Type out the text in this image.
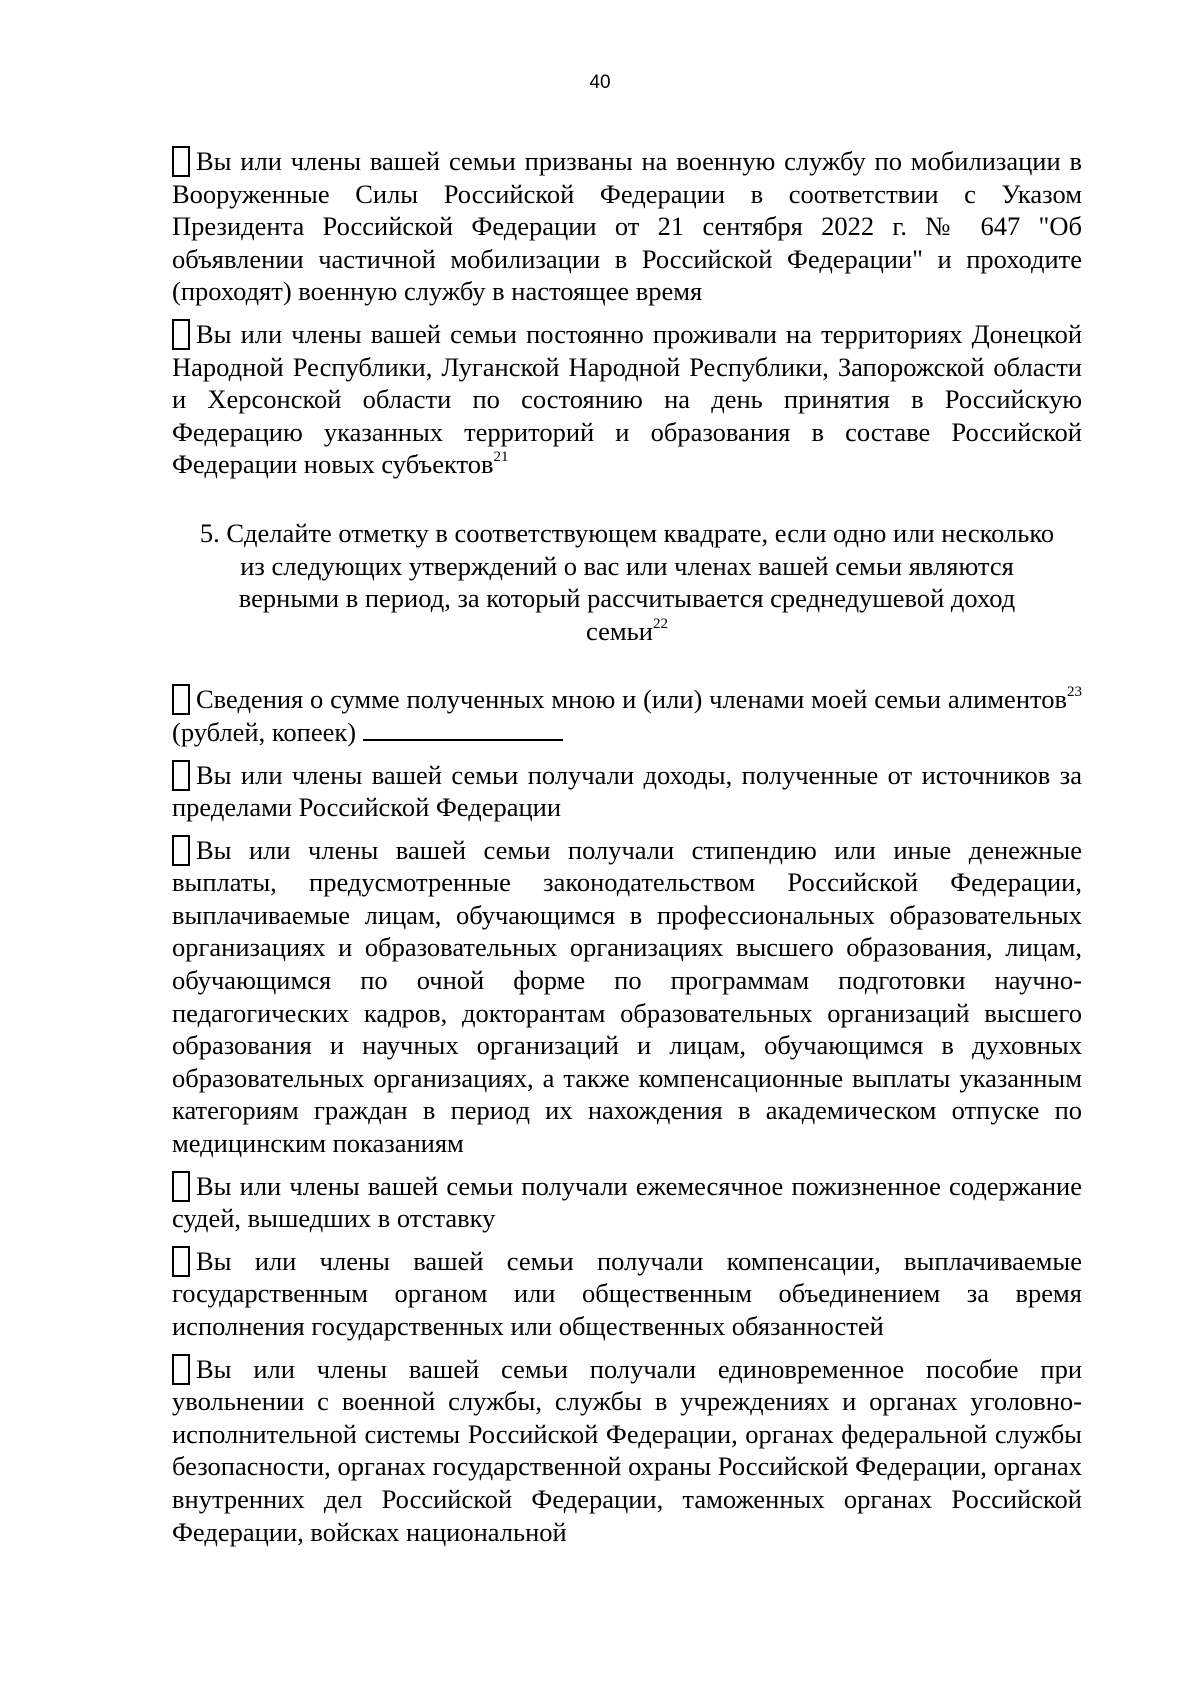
40

Вы или члены вашей семьи призваны на военную службу по мобилизации в Вооруженные Силы Российской Федерации в соответствии с Указом Президента Российской Федерации от 21 сентября 2022 г. № 647 "Об объявлении частичной мобилизации в Российской Федерации" и проходите (проходят) военную службу в настоящее время

Вы или члены вашей семьи постоянно проживали на территориях Донецкой Народной Республики, Луганской Народной Республики, Запорожской области и Херсонской области по состоянию на день принятия в Российскую Федерацию указанных территорий и образования в составе Российской Федерации новых субъектов$^{21}$

5. Сделайте отметку в соответствующем квадрате, если одно или несколько из следующих утверждений о вас или членах вашей семьи являются верными в период, за который рассчитывается среднедушевой доход семьи$^{22}$

Сведения о сумме полученных мною и (или) членами моей семьи алиментов$^{23}$ (рублей, копеек)

Вы или члены вашей семьи получали доходы, полученные от источников за пределами Российской Федерации

Вы или члены вашей семьи получали стипендию или иные денежные выплаты, предусмотренные законодательством Российской Федерации, выплачиваемые лицам, обучающимся в профессиональных образовательных организациях и образовательных организациях высшего образования, лицам, обучающимся по очной форме по программам подготовки научно-педагогических кадров, докторантам образовательных организаций высшего образования и научных организаций и лицам, обучающимся в духовных образовательных организациях, а также компенсационные выплаты указанным категориям граждан в период их нахождения в академическом отпуске по медицинским показаниям

Вы или члены вашей семьи получали ежемесячное пожизненное содержание судей, вышедших в отставку

Вы или члены вашей семьи получали компенсации, выплачиваемые государственным органом или общественным объединением за время исполнения государственных или общественных обязанностей

Вы или члены вашей семьи получали единовременное пособие при увольнении с военной службы, службы в учреждениях и органах уголовно-исполнительной системы Российской Федерации, органах федеральной службы безопасности, органах государственной охраны Российской Федерации, органах внутренних дел Российской Федерации, таможенных органах Российской Федерации, войсках национальной
